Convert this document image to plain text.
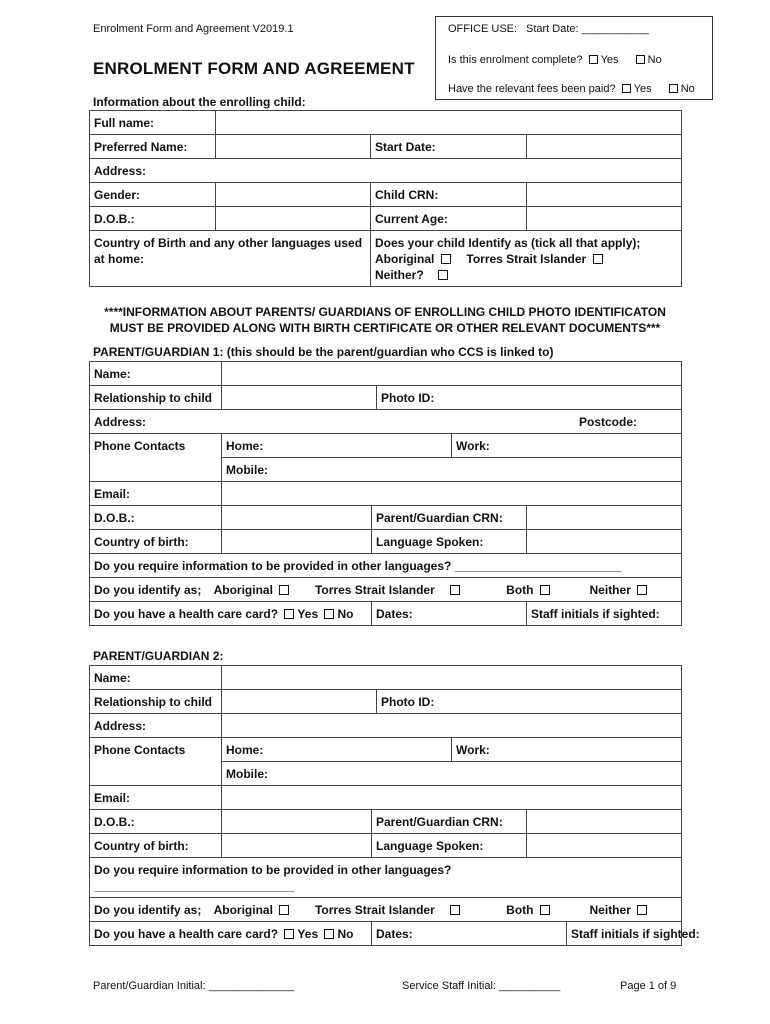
Enrolment Form and Agreement V2019.1
ENROLMENT FORM AND AGREEMENT
OFFICE USE: Start Date: ___________
Is this enrolment complete? Yes	No
Have the relevant fees been paid? Yes	No
Information about the enrolling child:
Full name:			
Preferred Name:		Start Date:	
Address:			
Gender:		Child CRN:	
D.O.B.:		Current Age:	
Country of Birth and any other languages used at home:		Does your child Identify as (tick all that apply);
Aboriginal Torres Strait Islander
Neither?	
****INFORMATION ABOUT PARENTS/ GUARDIANS OF ENROLLING CHILD PHOTO IDENTIFICATON
MUST BE PROVIDED ALONG WITH BIRTH CERTIFICATE OR OTHER RELEVANT DOCUMENTS***
PARENT/GUARDIAN 1: (this should be the parent/guardian who CCS is linked to)
Name:					
Relationship to child			Photo ID:		
Address: Postcode:					

Phone Contacts	Home:			Work:	
	Mobile:				
Email:					
D.O.B.:		Parent/Guardian CRN:			
Country of birth:		Language Spoken:			
Do you require information to be provided in other languages? _________________________					
Do you identify as; Aboriginal Torres Strait Islander Both Neither					
Do you have a health care card? Yes No		Dates:			Staff initials if sighted:
PARENT/GUARDIAN 2:
Name:						
Relationship to child			Photo ID:			
Address:						
Phone Contacts	Home:			Work:		
	Mobile:					
Email:						
D.O.B.:		Parent/Guardian CRN:				
Country of birth:		Language Spoken:				

Do you require information to be provided in other languages?
______________________________						

Do you identify as; Aboriginal Torres Strait Islander Both Neither						
Do you have a health care card? Yes No		Dates:				Staff initials if sighted:
Parent/Guardian Initial: ______________	Service Staff Initial: __________	Page 1 of 9
